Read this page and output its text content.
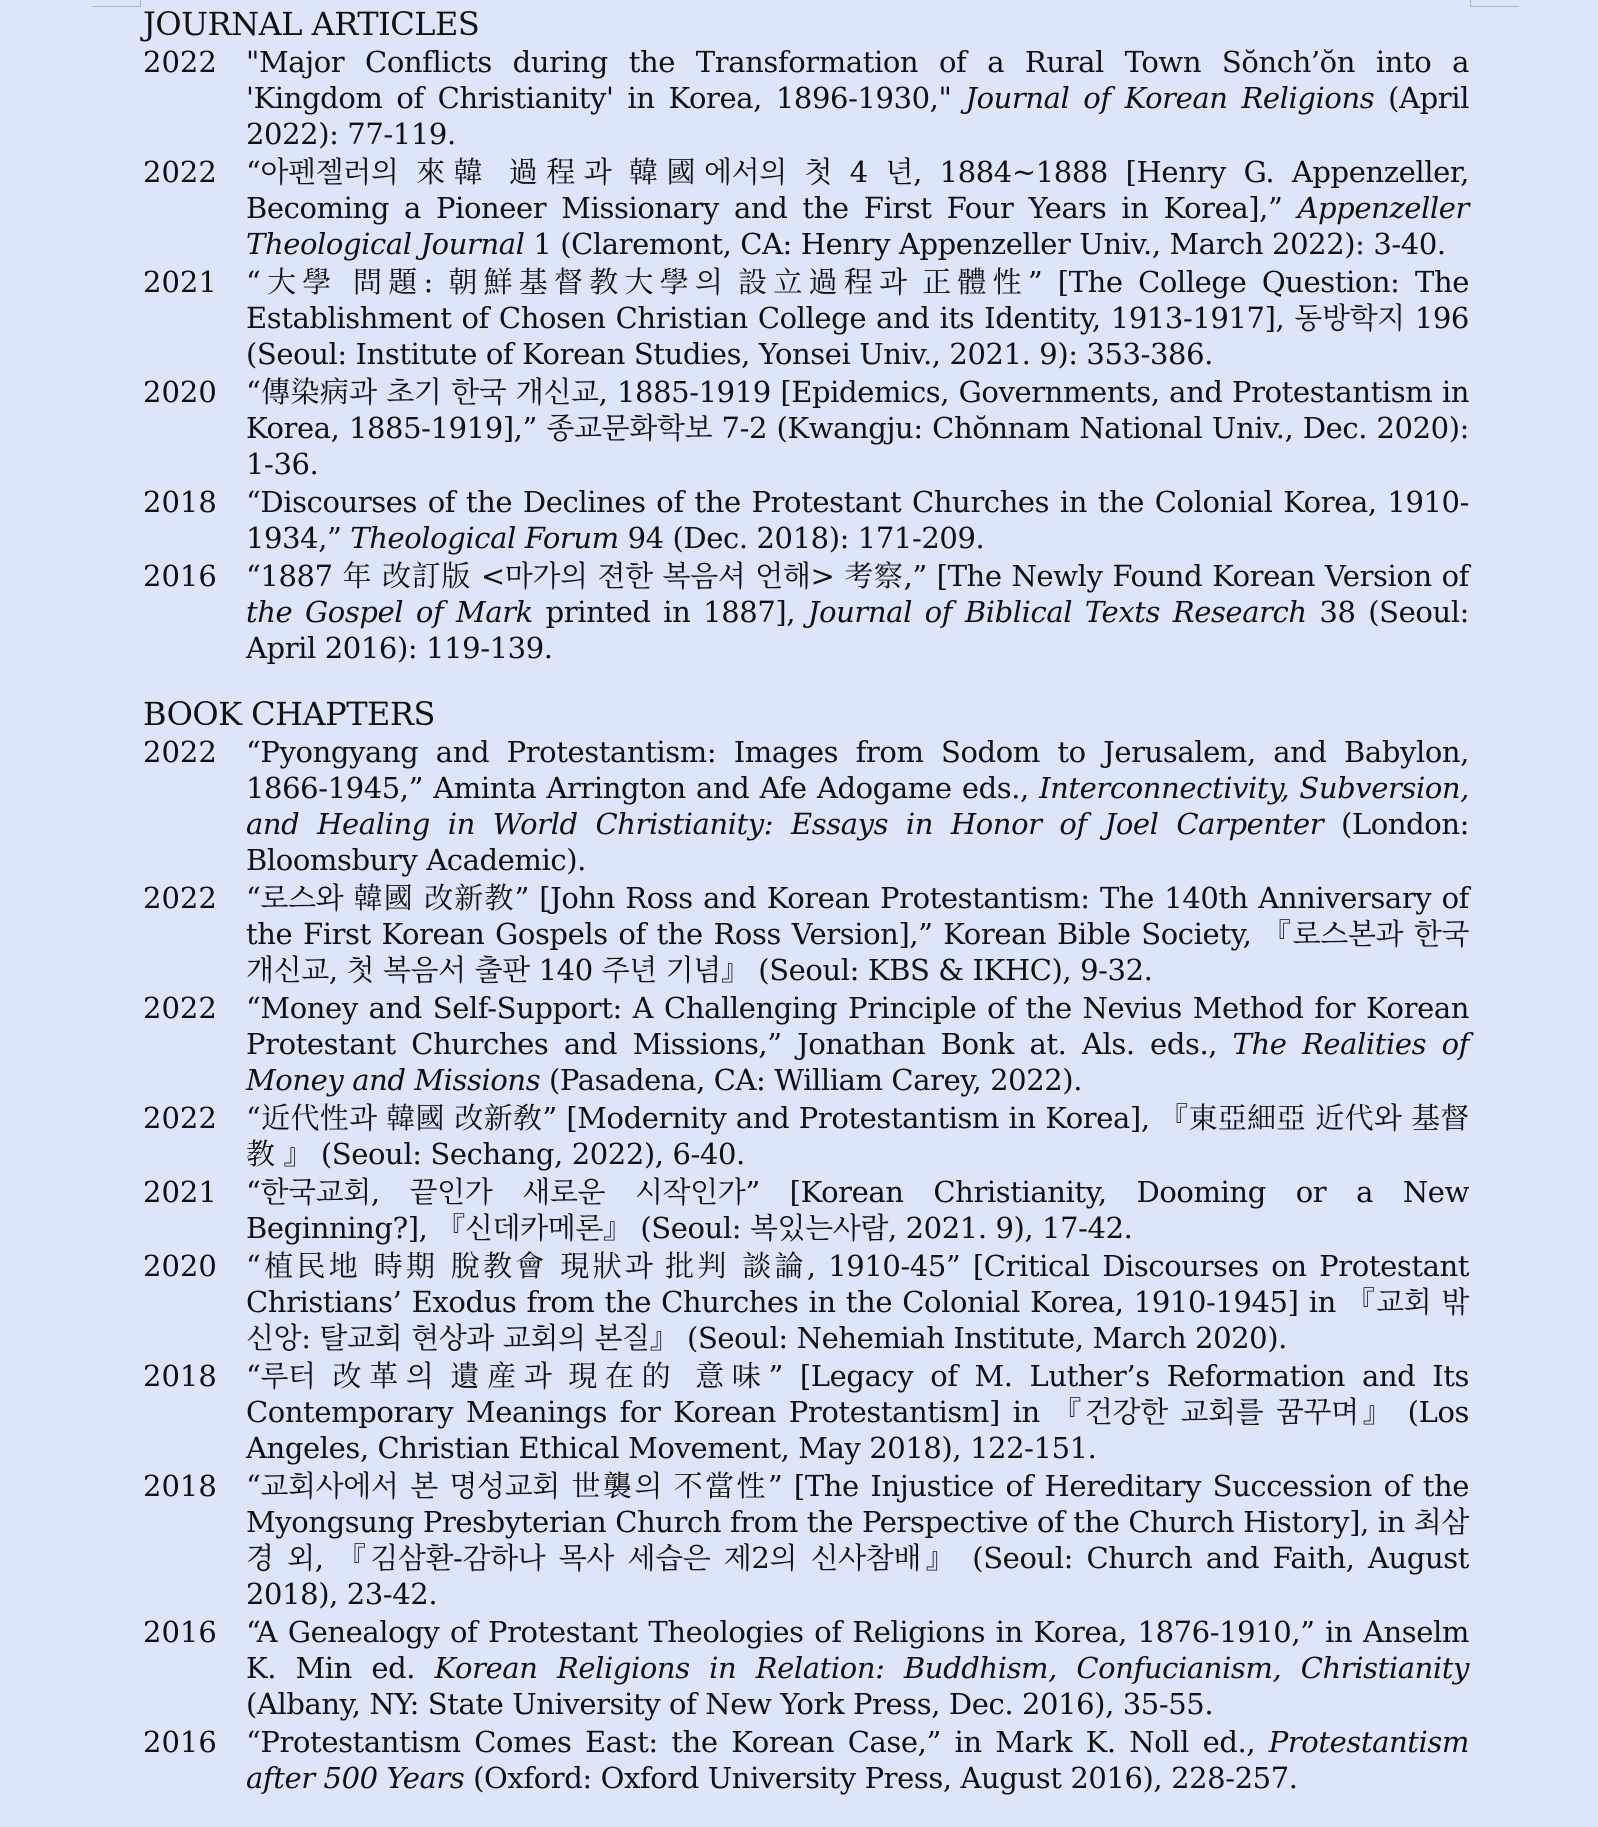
JOURNAL ARTICLES
2022	"Major Conflicts during the Transformation of a Rural Town Sŏnch’ŏn into a 'Kingdom of Christianity' in Korea, 1896-1930," Journal of Korean Religions (April 2022): 77-119.
2022	“아펜젤러의 來韓 過程과 韓國에서의 첫 4 년, 1884~1888 [Henry G. Appenzeller, Becoming a Pioneer Missionary and the First Four Years in Korea],” Appenzeller Theological Journal 1 (Claremont, CA: Henry Appenzeller Univ., March 2022): 3-40.
2021	“大學 問題: 朝鮮基督教大學의 設立過程과 正體性” [The College Question: The Establishment of Chosen Christian College and its Identity, 1913-1917], 동방학지 196 (Seoul: Institute of Korean Studies, Yonsei Univ., 2021. 9): 353-386.
2020	“傳染病과 초기 한국 개신교, 1885-1919 [Epidemics, Governments, and Protestantism in Korea, 1885-1919],” 종교문화학보 7-2 (Kwangju: Chŏnnam National Univ., Dec. 2020): 1-36.
2018	“Discourses of the Declines of the Protestant Churches in the Colonial Korea, 1910-1934,” Theological Forum 94 (Dec. 2018): 171-209.
2016	“1887 年 改訂版 <마가의 젼한 복음셔 언해> 考察,” [The Newly Found Korean Version of the Gospel of Mark printed in 1887], Journal of Biblical Texts Research 38 (Seoul: April 2016): 119-139.
BOOK CHAPTERS
2022	“Pyongyang and Protestantism: Images from Sodom to Jerusalem, and Babylon, 1866-1945,” Aminta Arrington and Afe Adogame eds., Interconnectivity, Subversion, and Healing in World Christianity: Essays in Honor of Joel Carpenter (London: Bloomsbury Academic).
2022	“로스와 韓國 改新教” [John Ross and Korean Protestantism: The 140th Anniversary of the First Korean Gospels of the Ross Version],” Korean Bible Society, 『로스본과 한국 개신교, 첫 복음서 출판 140 주년 기념』 (Seoul: KBS & IKHC), 9-32.
2022	“Money and Self-Support: A Challenging Principle of the Nevius Method for Korean Protestant Churches and Missions,” Jonathan Bonk at. Als. eds., The Realities of Money and Missions (Pasadena, CA: William Carey, 2022).
2022	“近代性과 韓國 改新敎” [Modernity and Protestantism in Korea], 『東亞細亞 近代와 基督教 』 (Seoul: Sechang, 2022), 6-40.
2021	“한국교회, 끝인가 새로운 시작인가” [Korean Christianity, Dooming or a New Beginning?], 『신데카메론』 (Seoul: 복있는사람, 2021. 9), 17-42.
2020	“植民地 時期 脫教會 現狀과 批判 談論, 1910-45” [Critical Discourses on Protestant Christians’ Exodus from the Churches in the Colonial Korea, 1910-1945] in 『교회 밖 신앙: 탈교회 현상과 교회의 본질』 (Seoul: Nehemiah Institute, March 2020).
2018	“루터 改革의 遺産과 現在的 意味” [Legacy of M. Luther’s Reformation and Its Contemporary Meanings for Korean Protestantism] in 『건강한 교회를 꿈꾸며』 (Los Angeles, Christian Ethical Movement, May 2018), 122-151.
2018	“교회사에서 본 명성교회 世襲의 不當性” [The Injustice of Hereditary Succession of the Myongsung Presbyterian Church from the Perspective of the Church History], in 최삼경 외, 『김삼환-감하나 목사 세습은 제2의 신사참배』 (Seoul: Church and Faith, August 2018), 23-42.
2016	“A Genealogy of Protestant Theologies of Religions in Korea, 1876-1910,” in Anselm K. Min ed. Korean Religions in Relation: Buddhism, Confucianism, Christianity (Albany, NY: State University of New York Press, Dec. 2016), 35-55.
2016	“Protestantism Comes East: the Korean Case,” in Mark K. Noll ed., Protestantism after 500 Years (Oxford: Oxford University Press, August 2016), 228-257.
